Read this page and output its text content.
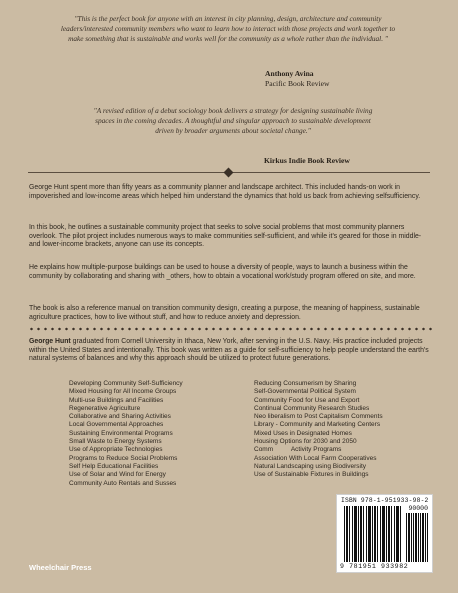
"This is the perfect book for anyone with an interest in city planning, design, architecture and community leaders/interested community members who want to learn how to interact with those projects and work together to make something that is sustainable and works well for the community as a whole rather than the individual. "

Anthony Avina
Pacific Book Review

"A revised edition of a debut sociology book delivers a strategy for designing sustainable living spaces in the coming decades. A thoughtful and singular approach to sustainable development driven by broader arguments about societal change."

Kirkus Indie Book Review

George Hunt spent more than fifty years as a community planner and landscape architect. This included hands-on work in impoverished and low-income areas which helped him understand the dynamics that hold us back from achieving selfsufficiency.

In this book, he outlines a sustainable community project that seeks to solve social problems that most community planners overlook. The pilot project includes numerous ways to make communities self-sufficient, and while it's geared for those in middle- and lower-income brackets, anyone can use its concepts.

He explains how multiple-purpose buildings can be used to house a diversity of people, ways to launch a business within the community by collaborating and sharing with _others, how to obtain a vocational work/study program offered on site, and more.

The book is also a reference manual on transition community design, creating a purpose, the meaning of happiness, sustainable agriculture practices, how to live without stuff, and how to reduce anxiety and depression.

George Hunt graduated from Cornell University in Ithaca, New York, after serving in the U.S. Navy. His practice included projects within the United States and intentionally. This book was written as a guide for self-sufficiency to help people understand the earth's natural systems of balances and why this approach should be utilized to protect future generations.

Developing Community Self-Sufficiency
Mixed Housing for All Income Groups
Multi-use Buildings and Facilities
Regenerative Agriculture
Collaborative and Sharing Activities
Local Governmental Approaches
Sustaining Environmental Programs
Small Waste to Energy Systems
Use of Appropriate Technologies
Programs to Reduce Social Problems
Self Help Educational Facilities
Use of Solar and Wind for Energy
Community Auto Rentals and Susses
Reducing Consumerism by Sharing
Self-Governmental Political System
Community Food for Use and Export
Continual Community Research Studies
Neo liberalism to Post Capitalism Comments
Library - Community and Marketing Centers
Mixed Uses in Designated Homes
Housing Options for 2030 and 2050
Comm          Activity Programs
Association With Local Farm Cooperatives
Natural Landscaping using Biodiversity
Use of Sustainable Fixtures in Buildings
ISBN 978-1-951933-98-2
90000
9 781951 933982
Wheelchair Press
